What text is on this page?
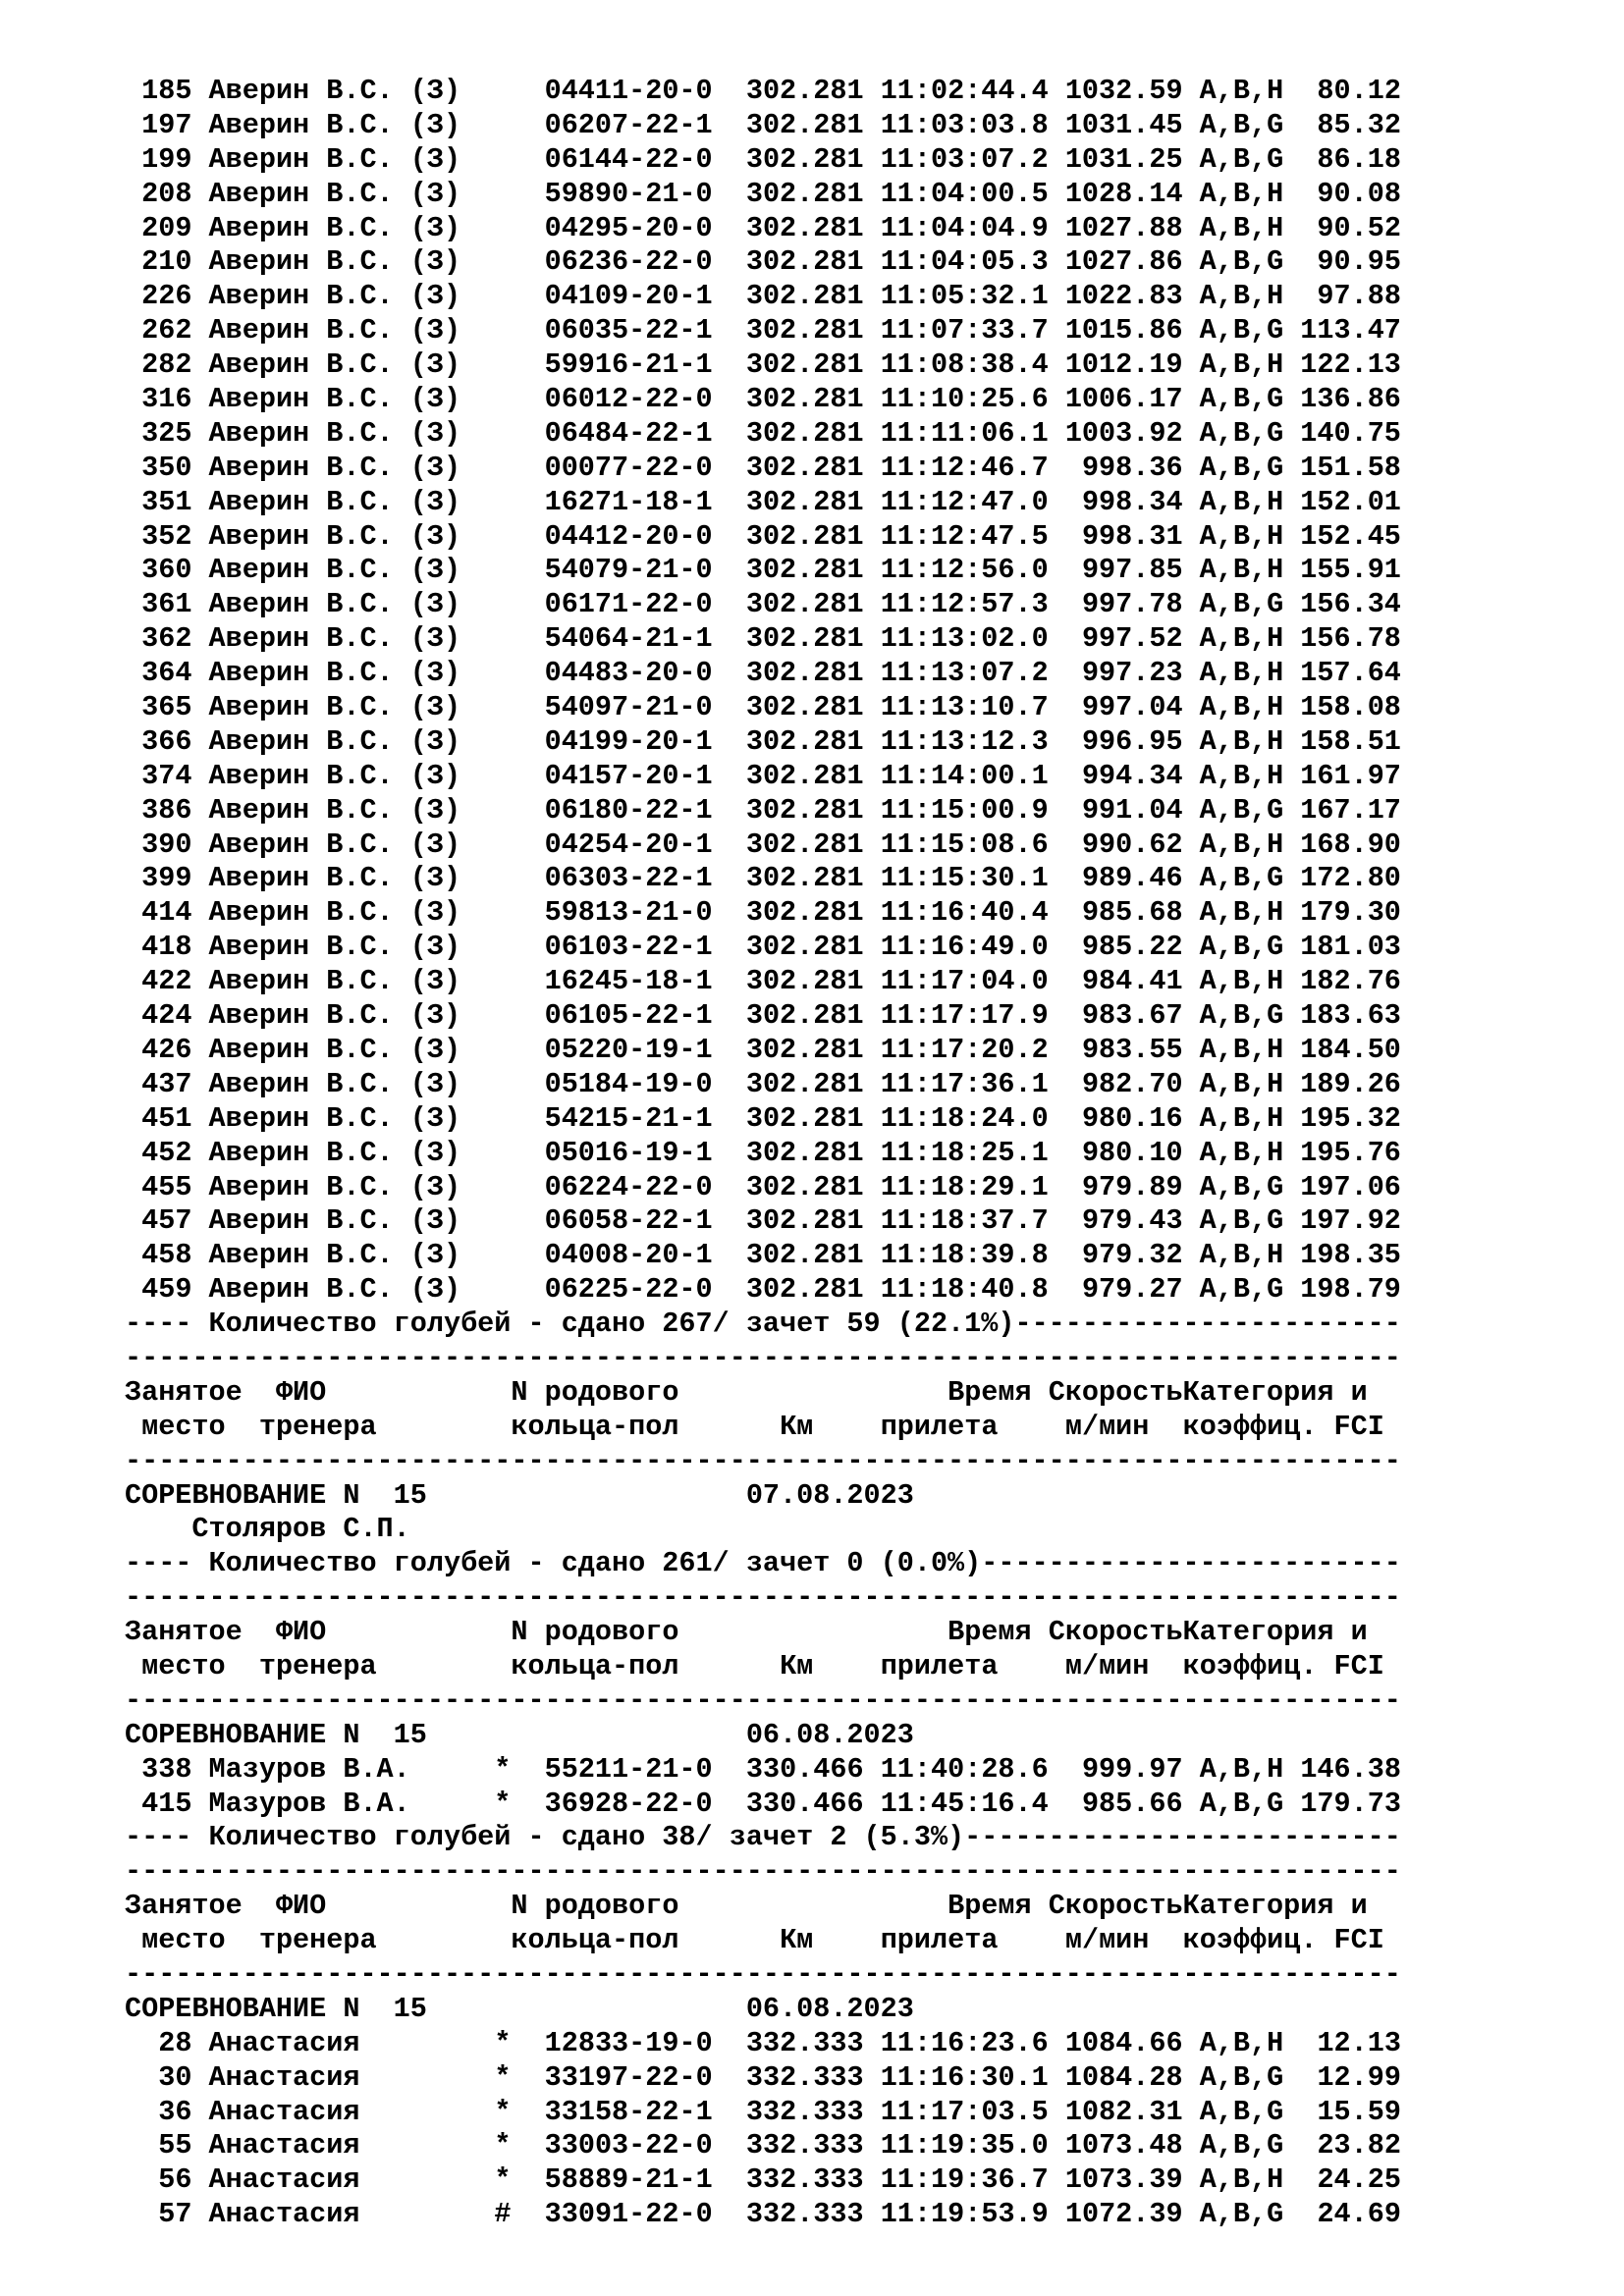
185 Аверин В.С. (З)	04411-20-0 302.281 11:02:44.4 1032.59 A,B,H 80.12
197 Аверин В.С. (З)	06207-22-1 302.281 11:03:03.8 1031.45 A,B,G 85.32
199 Аверин В.С. (З)	06144-22-0 302.281 11:03:07.2 1031.25 A,B,G 86.18
208 Аверин В.С. (З)	59890-21-0 302.281 11:04:00.5 1028.14 A,B,H 90.08
209 Аверин В.С. (З)	04295-20-0 302.281 11:04:04.9 1027.88 A,B,H 90.52
210 Аверин В.С. (З)	06236-22-0 302.281 11:04:05.3 1027.86 A,B,G 90.95
226 Аверин В.С. (З)	04109-20-1 302.281 11:05:32.1 1022.83 A,B,H 97.88
262 Аверин В.С. (З)	06035-22-1 302.281 11:07:33.7 1015.86 A,B,G 113.47
282 Аверин В.С. (З)	59916-21-1 302.281 11:08:38.4 1012.19 A,B,H 122.13
316 Аверин В.С. (З)	06012-22-0 302.281 11:10:25.6 1006.17 A,B,G 136.86
325 Аверин В.С. (З)	06484-22-1 302.281 11:11:06.1 1003.92 A,B,G 140.75
350 Аверин В.С. (З)	00077-22-0 302.281 11:12:46.7 998.36 A,B,G 151.58
351 Аверин В.С. (З)	16271-18-1 302.281 11:12:47.0 998.34 A,B,H 152.01
352 Аверин В.С. (З)	04412-20-0 302.281 11:12:47.5 998.31 A,B,H 152.45
360 Аверин В.С. (З)	54079-21-0 302.281 11:12:56.0 997.85 A,B,H 155.91
361 Аверин В.С. (З)	06171-22-0 302.281 11:12:57.3 997.78 A,B,G 156.34
362 Аверин В.С. (З)	54064-21-1 302.281 11:13:02.0 997.52 A,B,H 156.78
364 Аверин В.С. (З)	04483-20-0 302.281 11:13:07.2 997.23 A,B,H 157.64
365 Аверин В.С. (З)	54097-21-0 302.281 11:13:10.7 997.04 A,B,H 158.08
366 Аверин В.С. (З)	04199-20-1 302.281 11:13:12.3 996.95 A,B,H 158.51
374 Аверин В.С. (З)	04157-20-1 302.281 11:14:00.1 994.34 A,B,H 161.97
386 Аверин В.С. (З)	06180-22-1 302.281 11:15:00.9 991.04 A,B,G 167.17
390 Аверин В.С. (З)	04254-20-1 302.281 11:15:08.6 990.62 A,B,H 168.90
399 Аверин В.С. (З)	06303-22-1 302.281 11:15:30.1 989.46 A,B,G 172.80
414 Аверин В.С. (З)	59813-21-0 302.281 11:16:40.4 985.68 A,B,H 179.30
418 Аверин В.С. (З)	06103-22-1 302.281 11:16:49.0 985.22 A,B,G 181.03
422 Аверин В.С. (З)	16245-18-1 302.281 11:17:04.0 984.41 A,B,H 182.76
424 Аверин В.С. (З)	06105-22-1 302.281 11:17:17.9 983.67 A,B,G 183.63
426 Аверин В.С. (З)	05220-19-1 302.281 11:17:20.2 983.55 A,B,H 184.50
437 Аверин В.С. (З)	05184-19-0 302.281 11:17:36.1 982.70 A,B,H 189.26
451 Аверин В.С. (З)	54215-21-1 302.281 11:18:24.0 980.16 A,B,H 195.32
452 Аверин В.С. (З)	05016-19-1 302.281 11:18:25.1 980.10 A,B,H 195.76
455 Аверин В.С. (З)	06224-22-0 302.281 11:18:29.1 979.89 A,B,G 197.06
457 Аверин В.С. (З)	06058-22-1 302.281 11:18:37.7 979.43 A,B,G 197.92
458 Аверин В.С. (З)	04008-20-1 302.281 11:18:39.8 979.32 A,B,H 198.35
459 Аверин В.С. (З)	06225-22-0 302.281 11:18:40.8 979.27 A,B,G 198.79
---- Количество голубей - сдано 267/ зачет 59 (22.1%)-----------------------
----------------------------------------------------------------------------
Занятое ФИО	N родового	Время СкоростьКатегория и
место тренера	кольца-пол	Км прилета м/мин коэффиц. FCI
----------------------------------------------------------------------------
СОРЕВНОВАНИЕ N  15	07.08.2023
Столяров С.П.
---- Количество голубей - сдано 261/ зачет 0 (0.0%)-------------------------
----------------------------------------------------------------------------
Занятое ФИО	N родового	Время СкоростьКатегория и
место тренера	кольца-пол	Км прилета м/мин коэффиц. FCI
----------------------------------------------------------------------------
СОРЕВНОВАНИЕ N  15	06.08.2023
338 Мазуров В.А.	* 55211-21-0 330.466 11:40:28.6 999.97 A,B,H 146.38
415 Мазуров В.А.	* 36928-22-0 330.466 11:45:16.4 985.66 A,B,G 179.73
---- Количество голубей - сдано 38/ зачет 2 (5.3%)--------------------------
----------------------------------------------------------------------------
Занятое ФИО	N родового	Время СкоростьКатегория и
место тренера	кольца-пол	Км прилета м/мин коэффиц. FCI
----------------------------------------------------------------------------
СОРЕВНОВАНИЕ N  15	06.08.2023
28 Анастасия	* 12833-19-0 332.333 11:16:23.6 1084.66 A,B,H 12.13
30 Анастасия	* 33197-22-0 332.333 11:16:30.1 1084.28 A,B,G 12.99
36 Анастасия	* 33158-22-1 332.333 11:17:03.5 1082.31 A,B,G 15.59
55 Анастасия	* 33003-22-0 332.333 11:19:35.0 1073.48 A,B,G 23.82
56 Анастасия	* 58889-21-1 332.333 11:19:36.7 1073.39 A,B,H 24.25
57 Анастасия	# 33091-22-0 332.333 11:19:53.9 1072.39 A,B,G 24.69
